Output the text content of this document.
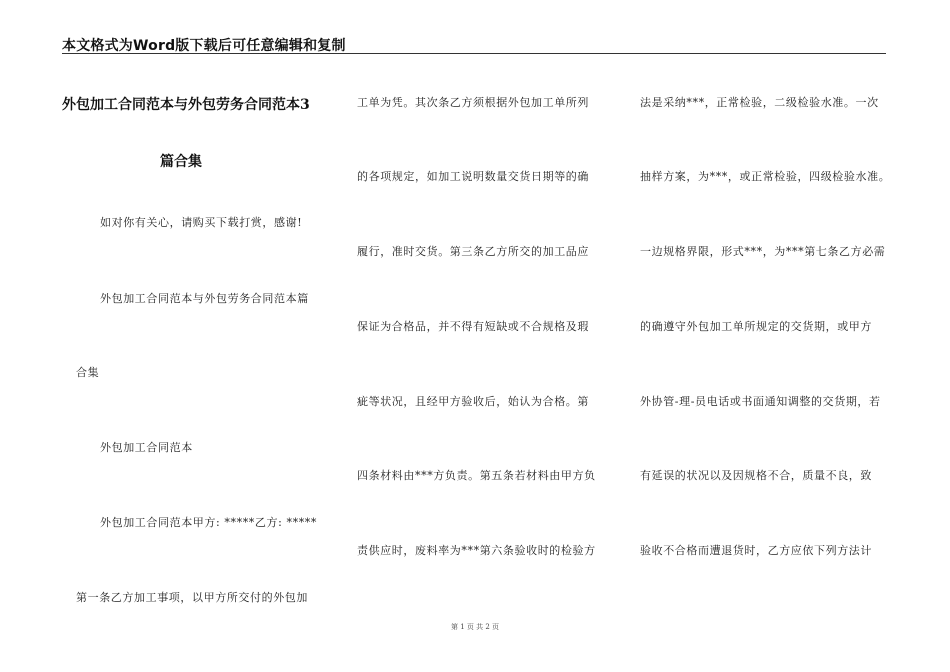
本文格式为Word版下载后可任意编辑和复制
外包加工合同范本与外包劳务合同范本3
篇合集
如对你有关心，请购买下载打赏，感谢!
外包加工合同范本与外包劳务合同范本篇
合集
外包加工合同范本
外包加工合同范本甲方: *****乙方: *****
第一条乙方加工事项，以甲方所交付的外包加
工单为凭。其次条乙方须根据外包加工单所列
的各项规定，如加工说明数量交货日期等的确
履行，准时交货。第三条乙方所交的加工品应
保证为合格品，并不得有短缺或不合规格及瑕
疵等状况，且经甲方验收后，始认为合格。第
四条材料由***方负责。第五条若材料由甲方负
责供应时，废料率为***第六条验收时的检验方
法是采纳***，正常检验，二级检验水准。一次
抽样方案，为***，或正常检验，四级检验水准。
一边规格界限，形式***，为***第七条乙方必需
的确遵守外包加工单所规定的交货期，或甲方
外协管-理-员电话或书面通知调整的交货期，若
有延误的状况以及因规格不合，质量不良，致
验收不合格而遭退货时，乙方应依下列方法计
第 1 页 共 2 页
